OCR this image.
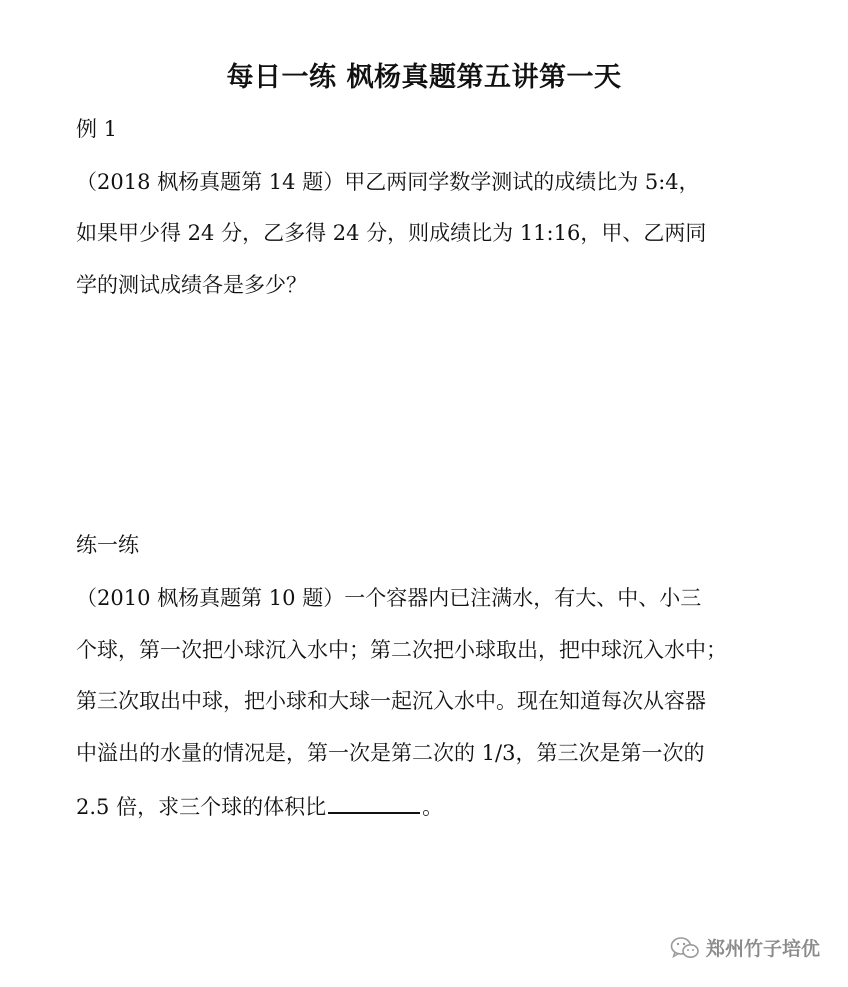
每日一练 枫杨真题第五讲第一天
例 1
（2018 枫杨真题第 14 题）甲乙两同学数学测试的成绩比为 5:4，
如果甲少得 24 分，乙多得 24 分，则成绩比为 11:16，甲、乙两同
学的测试成绩各是多少？
练一练
（2010 枫杨真题第 10 题）一个容器内已注满水，有大、中、小三
个球，第一次把小球沉入水中；第二次把小球取出，把中球沉入水中；
第三次取出中球，把小球和大球一起沉入水中。现在知道每次从容器
中溢出的水量的情况是，第一次是第二次的 1/3，第三次是第一次的
2.5 倍，求三个球的体积比	。
郑州竹子培优
